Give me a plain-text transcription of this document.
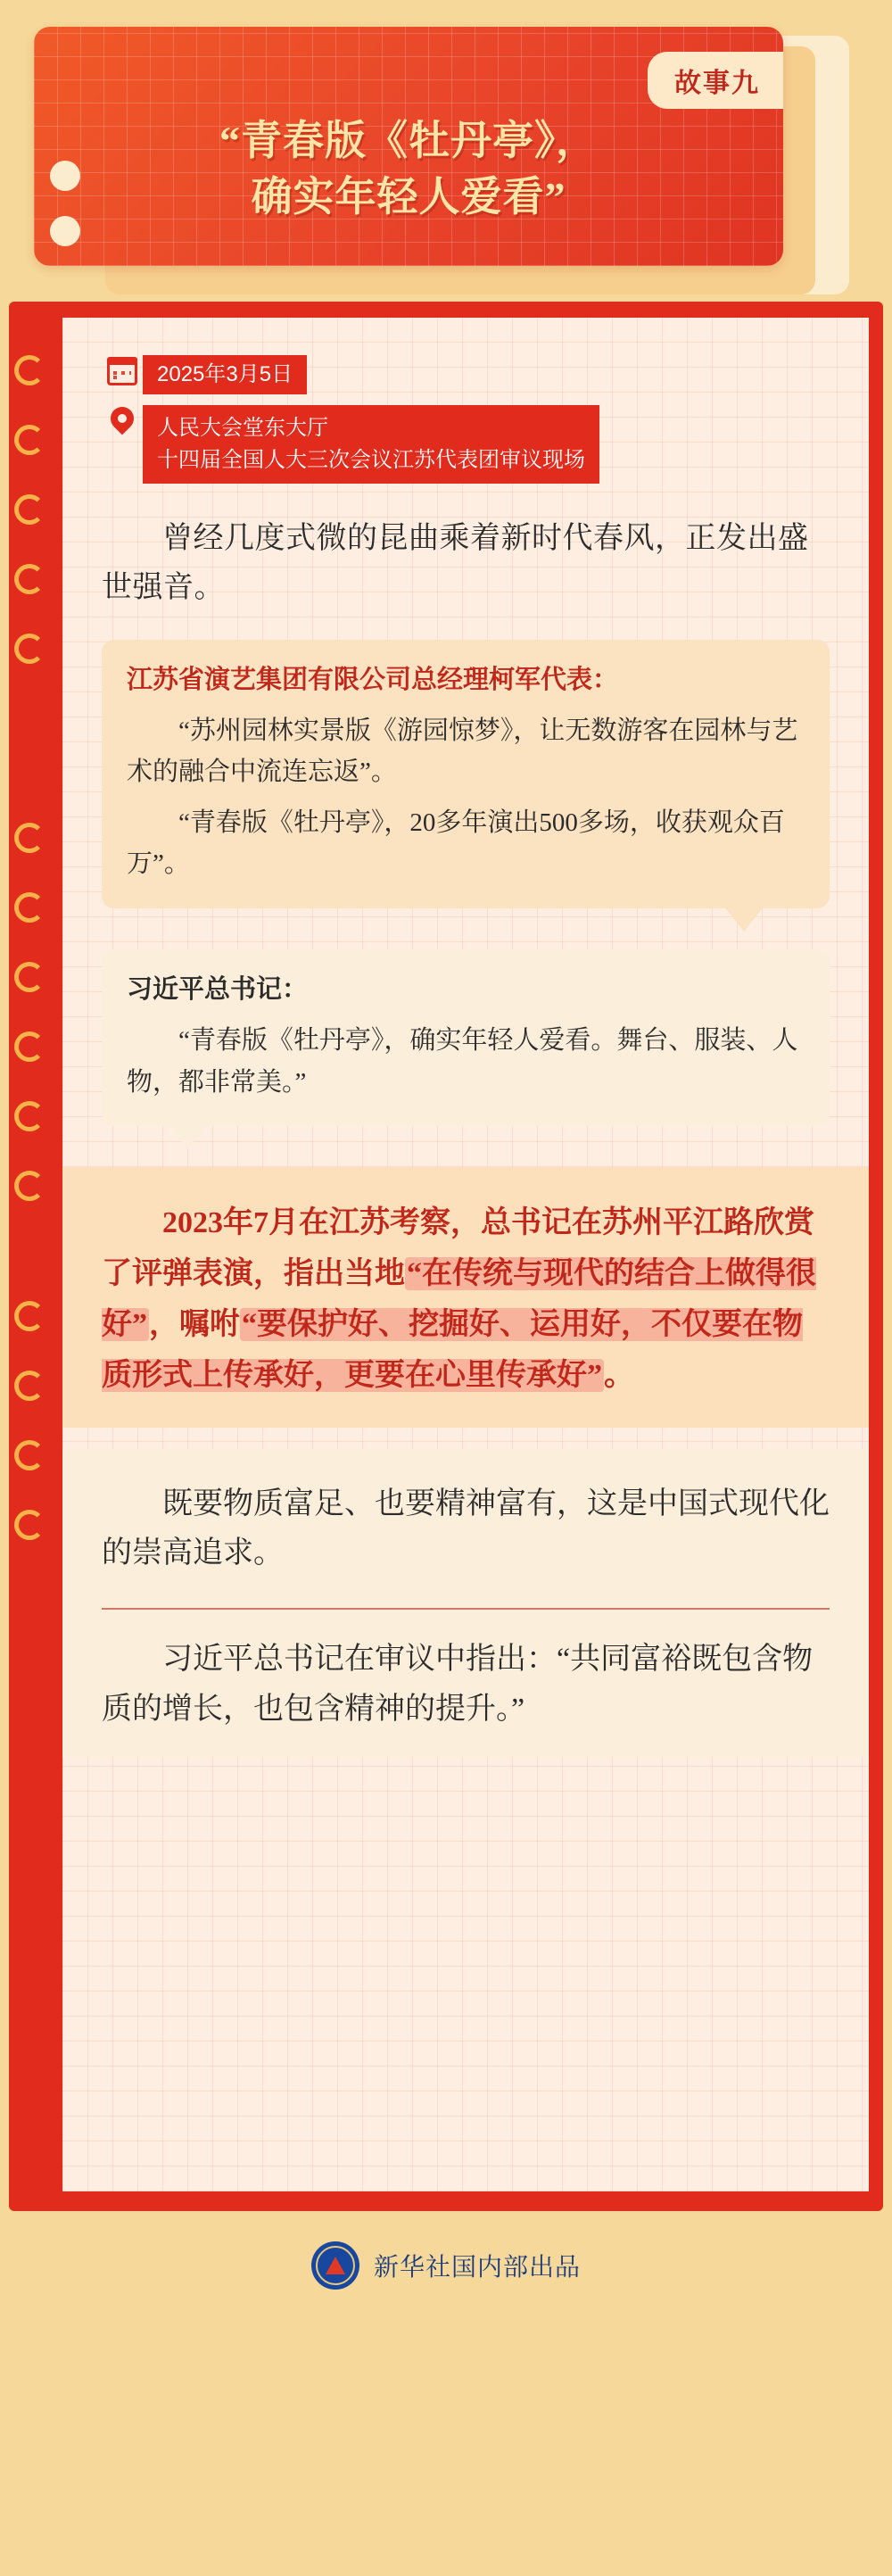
故事九
“青春版《牡丹亭》，
确实年轻人爱看”
2025年3月5日
人民大会堂东大厅
十四届全国人大三次会议江苏代表团审议现场

曾经几度式微的昆曲乘着新时代春风，正发出盛世强音。

江苏省演艺集团有限公司总经理柯军代表：

“苏州园林实景版《游园惊梦》，让无数游客在园林与艺术的融合中流连忘返”。

“青春版《牡丹亭》，20多年演出500多场，收获观众百万”。

习近平总书记：

“青春版《牡丹亭》，确实年轻人爱看。舞台、服装、人物，都非常美。”

2023年7月在江苏考察，总书记在苏州平江路欣赏了评弹表演，指出当地“在传统与现代的结合上做得很好”，嘱咐“要保护好、挖掘好、运用好，不仅要在物质形式上传承好，更要在心里传承好”。

既要物质富足、也要精神富有，这是中国式现代化的崇高追求。

习近平总书记在审议中指出：“共同富裕既包含物质的增长，也包含精神的提升。”

新华社国内部出品
